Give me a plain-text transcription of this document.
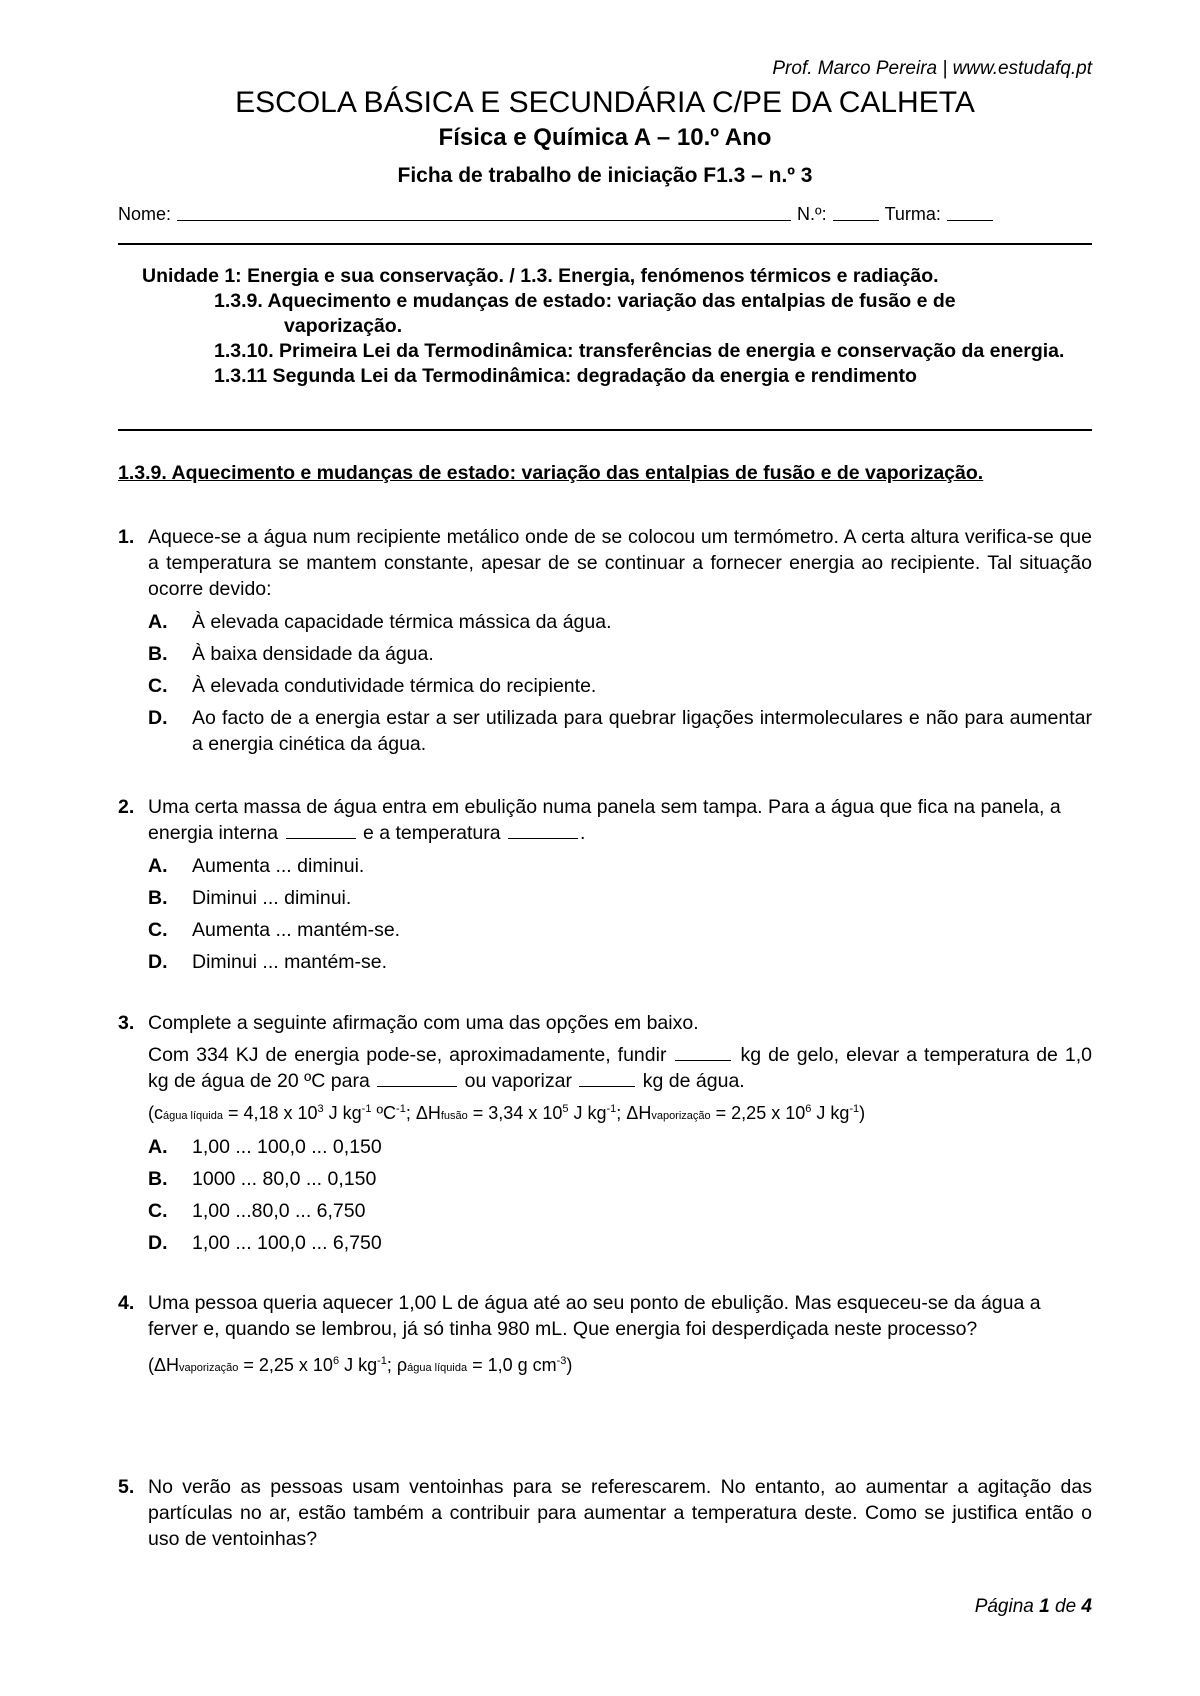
Prof. Marco Pereira | www.estudafq.pt
ESCOLA BÁSICA E SECUNDÁRIA C/PE DA CALHETA
Física e Química A – 10.º Ano
Ficha de trabalho de iniciação F1.3 – n.º 3
Nome:	N.º:	Turma:
Unidade 1: Energia e sua conservação. / 1.3. Energia, fenómenos térmicos e radiação.
1.3.9. Aquecimento e mudanças de estado: variação das entalpias de fusão e de vaporização.
1.3.10. Primeira Lei da Termodinâmica: transferências de energia e conservação da energia.
1.3.11 Segunda Lei da Termodinâmica: degradação da energia e rendimento
1.3.9. Aquecimento e mudanças de estado: variação das entalpias de fusão e de vaporização.
1. Aquece-se a água num recipiente metálico onde de se colocou um termómetro. A certa altura verifica-se que a temperatura se mantem constante, apesar de se continuar a fornecer energia ao recipiente. Tal situação ocorre devido:
A. À elevada capacidade térmica mássica da água.
B. À baixa densidade da água.
C. À elevada condutividade térmica do recipiente.
D. Ao facto de a energia estar a ser utilizada para quebrar ligações intermoleculares e não para aumentar a energia cinética da água.
2. Uma certa massa de água entra em ebulição numa panela sem tampa. Para a água que fica na panela, a energia interna	e a temperatura	.
A. Aumenta ... diminui.
B. Diminui ... diminui.
C. Aumenta ... mantém-se.
D. Diminui ... mantém-se.
3. Complete a seguinte afirmação com uma das opções em baixo.
Com 334 KJ de energia pode-se, aproximadamente, fundir	kg de gelo, elevar a temperatura de 1,0 kg de água de 20 ºC para	ou vaporizar	kg de água.
(cágua líquida = 4,18 x $10^3$ J $kg^{-1}$ ºC$^{-1}$; ΔHfusão = 3,34 x $10^5$ J $kg^{-1}$; ΔHvaporização = 2,25 x $10^6$ J $kg^{-1}$)
A. 1,00 ... 100,0 ... 0,150
B. 1000 ... 80,0 ... 0,150
C. 1,00 ...80,0 ... 6,750
D. 1,00 ... 100,0 ... 6,750
4. Uma pessoa queria aquecer 1,00 L de água até ao seu ponto de ebulição. Mas esqueceu-se da água a ferver e, quando se lembrou, já só tinha 980 mL. Que energia foi desperdiçada neste processo?
(ΔHvaporização = 2,25 x $10^6$ J $kg^{-1}$; ρágua líquida = 1,0 g $cm^{-3}$)
5. No verão as pessoas usam ventoinhas para se referescarem. No entanto, ao aumentar a agitação das partículas no ar, estão também a contribuir para aumentar a temperatura deste. Como se justifica então o uso de ventoinhas?
Página 1 de 4
